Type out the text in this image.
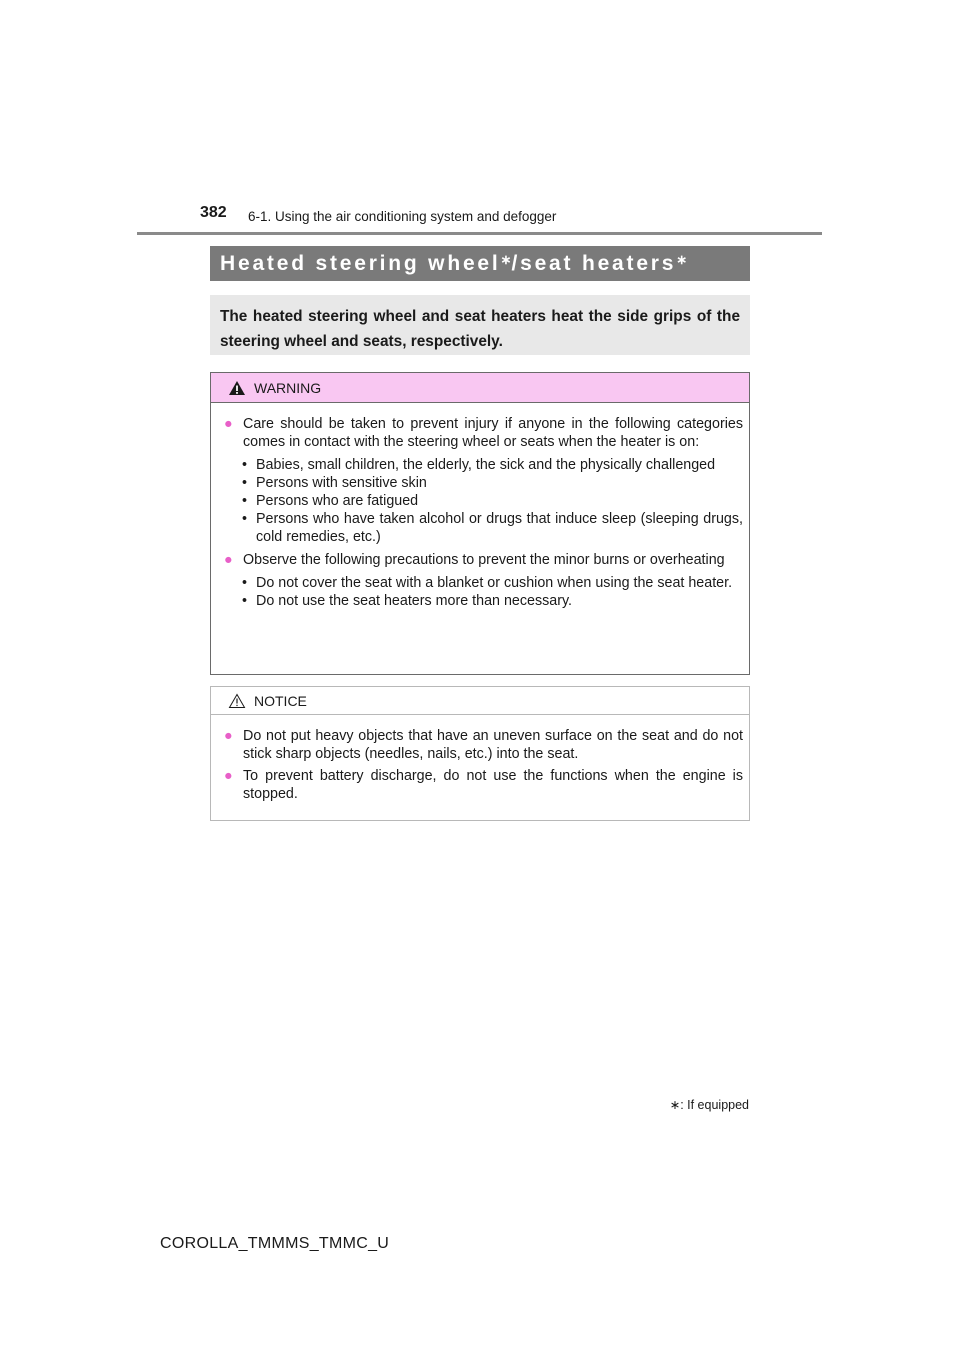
382 6-1. Using the air conditioning system and defogger
Heated steering wheel∗ /seat heaters∗
The heated steering wheel and seat heaters heat the side grips of the steering wheel and seats, respectively.
WARNING
● Care should be taken to prevent injury if anyone in the following categories comes in contact with the steering wheel or seats when the heater is on:
• Babies, small children, the elderly, the sick and the physically challenged
• Persons with sensitive skin
• Persons who are fatigued
• Persons who have taken alcohol or drugs that induce sleep (sleeping drugs, cold remedies, etc.)
● Observe the following precautions to prevent the minor burns or overheating
• Do not cover the seat with a blanket or cushion when using the seat heater.
• Do not use the seat heaters more than necessary.
NOTICE
● Do not put heavy objects that have an uneven surface on the seat and do not stick sharp objects (needles, nails, etc.) into the seat.
● To prevent battery discharge, do not use the functions when the engine is stopped.
∗: If equipped
COROLLA_TMMMS_TMMC_U
